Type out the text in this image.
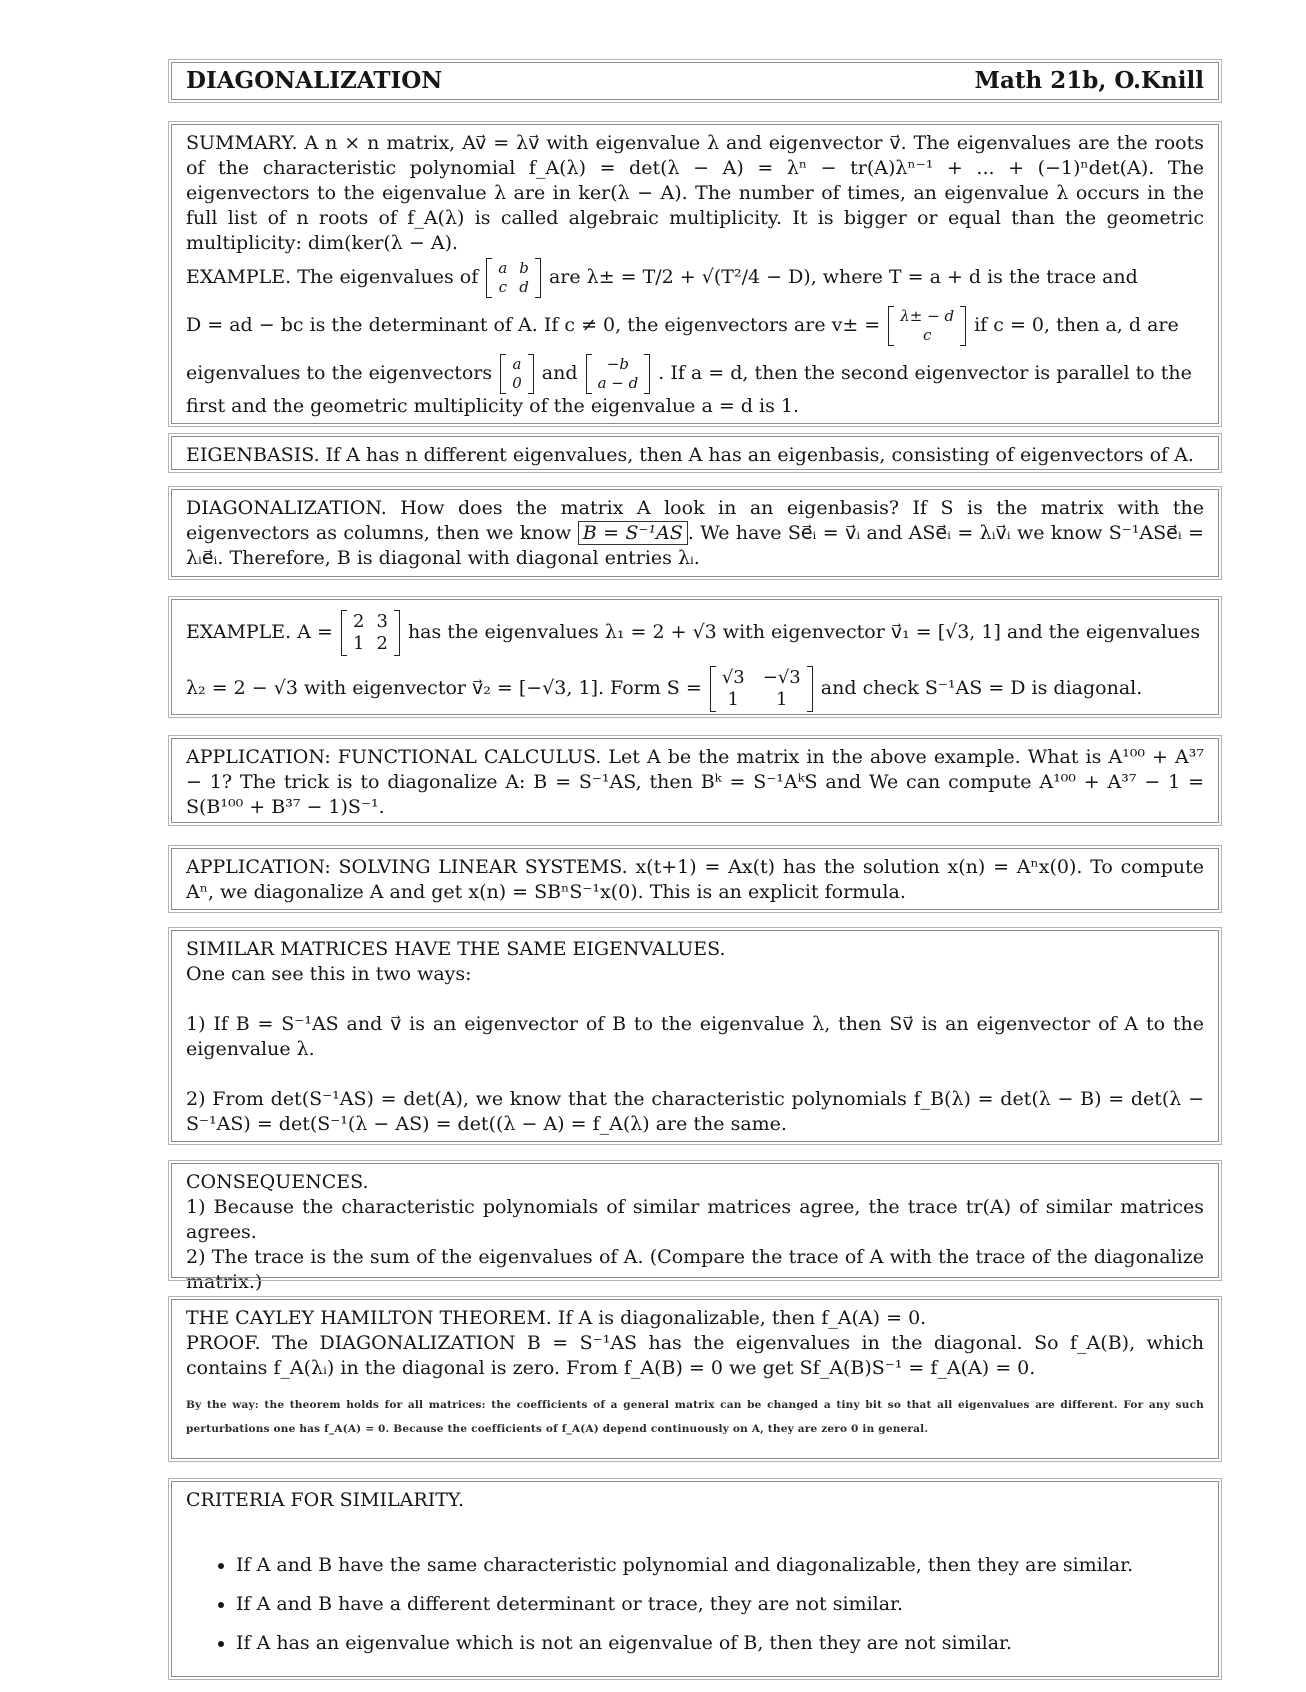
DIAGONALIZATION	Math 21b, O.Knill

SUMMARY. A n × n matrix, Av⃗ = λv⃗ with eigenvalue λ and eigenvector v⃗. The eigenvalues are the roots of the characteristic polynomial f_A(λ) = det(λ − A) = λⁿ − tr(A)λⁿ⁻¹ + ... + (−1)ⁿdet(A). The eigenvectors to the eigenvalue λ are in ker(λ − A). The number of times, an eigenvalue λ occurs in the full list of n roots of f_A(λ) is called algebraic multiplicity. It is bigger or equal than the geometric multiplicity: dim(ker(λ − A).

EXAMPLE. The eigenvalues of a b
c d are λ± = T/2 + √(T²/4 − D), where T = a + d is the trace and

D = ad − bc is the determinant of A. If c ≠ 0, the eigenvectors are v± = λ± − d
c	if c = 0, then a, d are

eigenvalues to the eigenvectors a
0 and	−b
a − d . If a = d, then the second eigenvector is parallel to the

first and the geometric multiplicity of the eigenvalue a = d is 1.

EIGENBASIS. If A has n different eigenvalues, then A has an eigenbasis, consisting of eigenvectors of A.

DIAGONALIZATION. How does the matrix A look in an eigenbasis? If S is the matrix with the eigenvectors as columns, then we know B = S⁻¹AS . We have Se⃗ᵢ = v⃗ᵢ and ASe⃗ᵢ = λᵢv⃗ᵢ we know S⁻¹ASe⃗ᵢ = λᵢe⃗ᵢ. Therefore, B is diagonal with diagonal entries λᵢ.

EXAMPLE. A = 2 3
1 2
has the eigenvalues λ₁ = 2 + √3 with eigenvector v⃗₁ = [√3, 1] and the eigenvalues

λ₂ = 2 − √3 with eigenvector v⃗₂ = [−√3, 1]. Form S = √3 −√3
1	1
and check S⁻¹AS = D is diagonal.

APPLICATION: FUNCTIONAL CALCULUS. Let A be the matrix in the above example. What is A¹⁰⁰ + A³⁷ − 1? The trick is to diagonalize A: B = S⁻¹AS, then Bᵏ = S⁻¹AᵏS and We can compute A¹⁰⁰ + A³⁷ − 1 = S(B¹⁰⁰ + B³⁷ − 1)S⁻¹.

APPLICATION: SOLVING LINEAR SYSTEMS. x(t+1) = Ax(t) has the solution x(n) = Aⁿx(0). To compute Aⁿ, we diagonalize A and get x(n) = SBⁿS⁻¹x(0). This is an explicit formula.

SIMILAR MATRICES HAVE THE SAME EIGENVALUES.

One can see this in two ways:

1) If B = S⁻¹AS and v⃗ is an eigenvector of B to the eigenvalue λ, then Sv⃗ is an eigenvector of A to the eigenvalue λ.

2) From det(S⁻¹AS) = det(A), we know that the characteristic polynomials f_B(λ) = det(λ − B) = det(λ − S⁻¹AS) = det(S⁻¹(λ − AS) = det((λ − A) = f_A(λ) are the same.

CONSEQUENCES.

1) Because the characteristic polynomials of similar matrices agree, the trace tr(A) of similar matrices agrees.

2) The trace is the sum of the eigenvalues of A. (Compare the trace of A with the trace of the diagonalize matrix.)

THE CAYLEY HAMILTON THEOREM. If A is diagonalizable, then f_A(A) = 0.

PROOF. The DIAGONALIZATION B = S⁻¹AS has the eigenvalues in the diagonal. So f_A(B), which contains f_A(λᵢ) in the diagonal is zero. From f_A(B) = 0 we get Sf_A(B)S⁻¹ = f_A(A) = 0.

By the way: the theorem holds for all matrices: the coefficients of a general matrix can be changed a tiny bit so that all eigenvalues are different. For any such perturbations one has f_A(A) = 0. Because the coefficients of f_A(A) depend continuously on A, they are zero 0 in general.

CRITERIA FOR SIMILARITY.

• If A and B have the same characteristic polynomial and diagonalizable, then they are similar.
• If A and B have a different determinant or trace, they are not similar.
• If A has an eigenvalue which is not an eigenvalue of B, then they are not similar.
